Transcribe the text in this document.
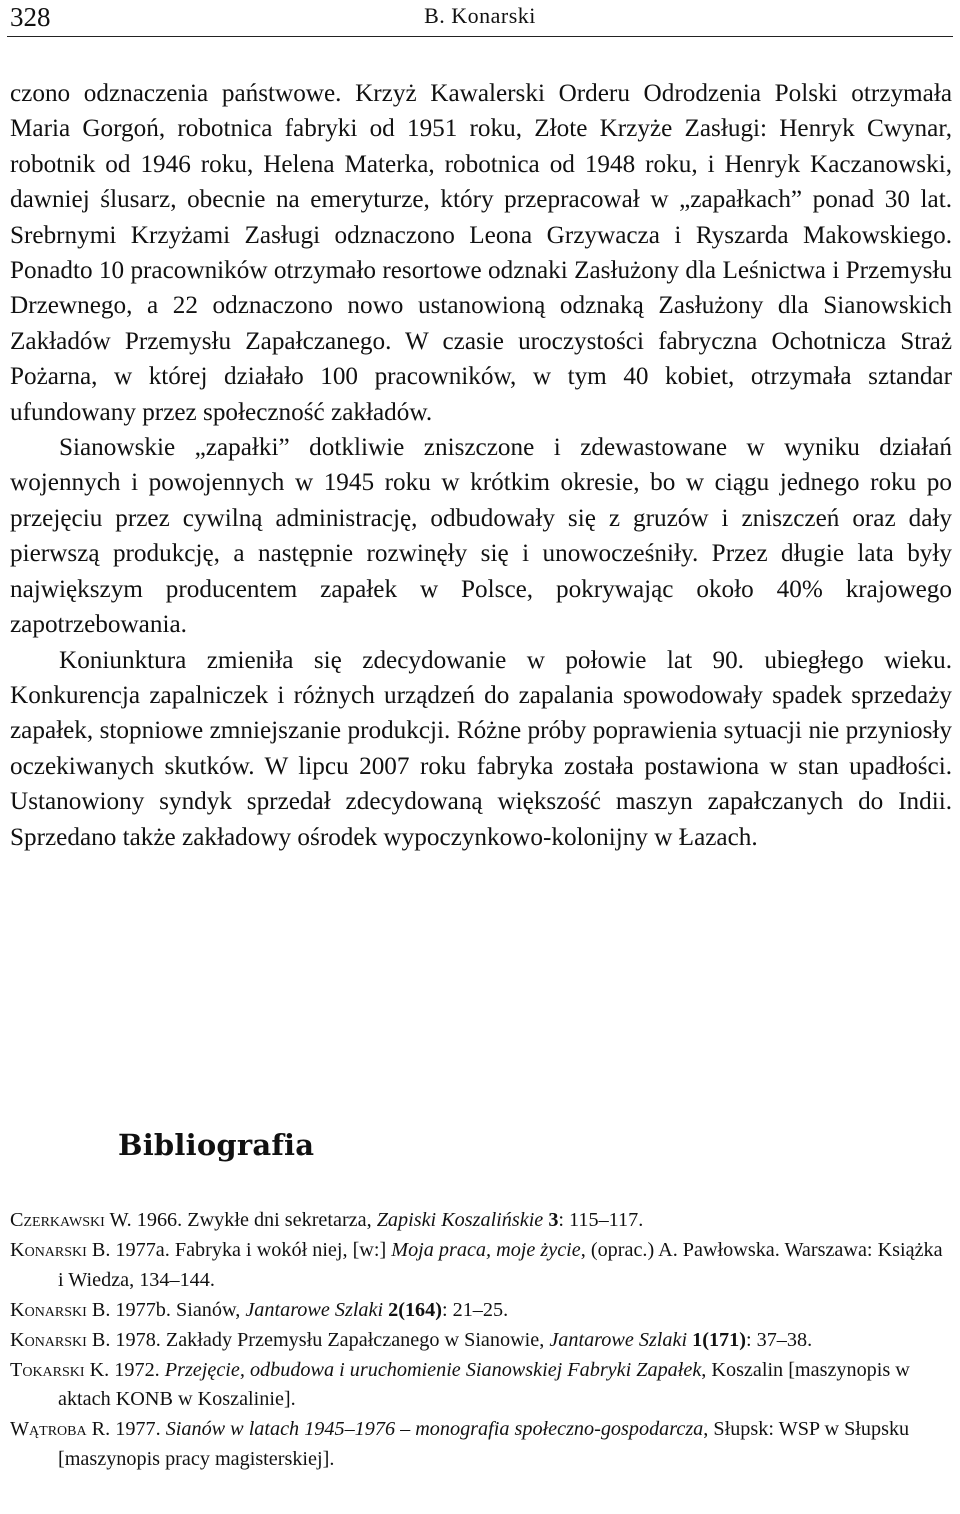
328	B. Konarski

czono odznaczenia państwowe. Krzyż Kawalerski Orderu Odrodzenia Polski otrzymała Maria Gorgoń, robotnica fabryki od 1951 roku, Złote Krzyże Zasługi: Henryk Cwynar, robotnik od 1946 roku, Helena Materka, robotnica od 1948 roku, i Henryk Kaczanowski, dawniej ślusarz, obecnie na emeryturze, który przepracował w „zapałkach” ponad 30 lat. Srebrnymi Krzyżami Zasługi odznaczono Leona Grzywacza i Ryszarda Makowskiego. Ponadto 10 pracowników otrzymało resortowe odznaki Zasłużony dla Leśnictwa i Przemysłu Drzewnego, a 22 odznaczono nowo ustanowioną odznaką Zasłużony dla Sianowskich Zakładów Przemysłu Zapałczanego. W czasie uroczystości fabryczna Ochotnicza Straż Pożarna, w której działało 100 pracowników, w tym 40 kobiet, otrzymała sztandar ufundowany przez społeczność zakładów.

Sianowskie „zapałki” dotkliwie zniszczone i zdewastowane w wyniku działań wojennych i powojennych w 1945 roku w krótkim okresie, bo w ciągu jednego roku po przejęciu przez cywilną administrację, odbudowały się z gruzów i zniszczeń oraz dały pierwszą produkcję, a następnie rozwinęły się i unowocześniły. Przez długie lata były największym producentem zapałek w Polsce, pokrywając około 40% krajowego zapotrzebowania.

Koniunktura zmieniła się zdecydowanie w połowie lat 90. ubiegłego wieku. Konkurencja zapalniczek i różnych urządzeń do zapalania spowodowały spadek sprzedaży zapałek, stopniowe zmniejszanie produkcji. Różne próby poprawienia sytuacji nie przyniosły oczekiwanych skutków. W lipcu 2007 roku fabryka została postawiona w stan upadłości. Ustanowiony syndyk sprzedał zdecydowaną większość maszyn zapałczanych do Indii. Sprzedano także zakładowy ośrodek wypoczynkowo-kolonijny w Łazach.

Bibliografia

Czerkawski W. 1966. Zwykłe dni sekretarza, Zapiski Koszalińskie 3: 115–117.

Konarski B. 1977a. Fabryka i wokół niej, [w:] Moja praca, moje życie, (oprac.) A. Pawłowska. Warszawa: Książka i Wiedza, 134–144.

Konarski B. 1977b. Sianów, Jantarowe Szlaki 2(164): 21–25.

Konarski B. 1978. Zakłady Przemysłu Zapałczanego w Sianowie, Jantarowe Szlaki 1(171): 37–38.

Tokarski K. 1972. Przejęcie, odbudowa i uruchomienie Sianowskiej Fabryki Zapałek, Koszalin [maszynopis w aktach KONB w Koszalinie].

Wątroba R. 1977. Sianów w latach 1945–1976 – monografia społeczno-gospodarcza, Słupsk: WSP w Słupsku [maszynopis pracy magisterskiej].
